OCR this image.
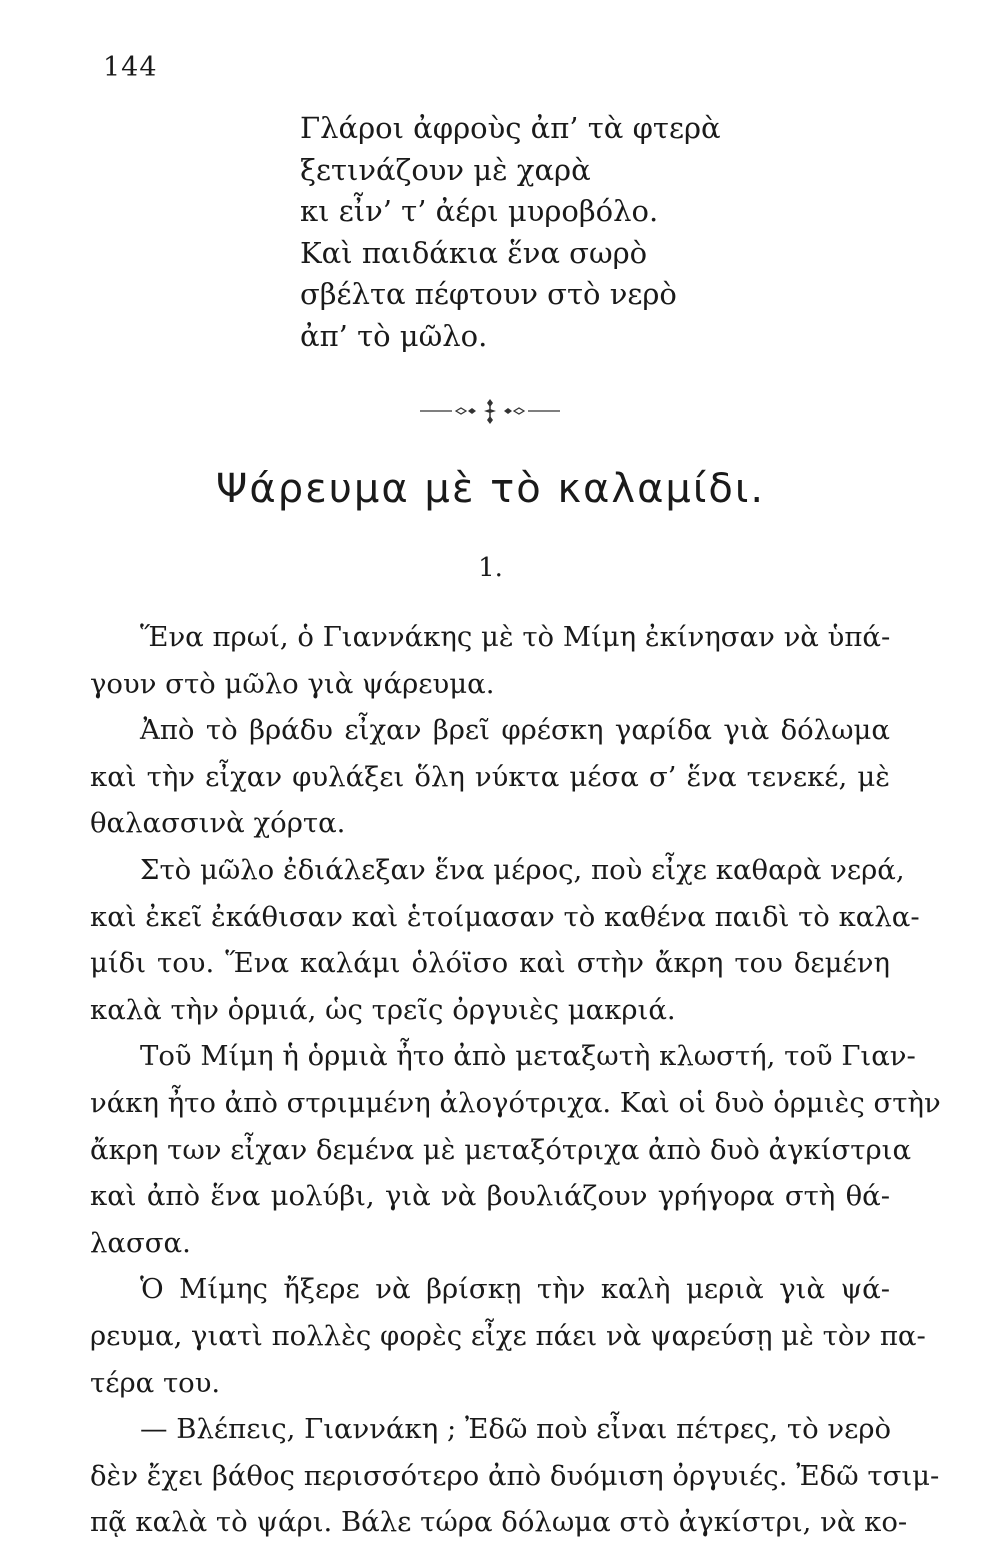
144
Γλάροι ἀφροὺς ἀπ’ τὰ φτερὰ
ξετινάζουν μὲ χαρὰ
κι εἶν’ τ’ ἀέρι μυροβόλο.
Καὶ παιδάκια ἕνα σωρὸ
σβέλτα πέφτουν στὸ νερὸ
ἀπ’ τὸ μῶλο.
Ψάρευμα μὲ τὸ καλαμίδι.
1.
Ἕνα πρωί, ὁ Γιαννάκης μὲ τὸ Μίμη ἐκίνησαν νὰ ὑπά-
γουν στὸ μῶλο γιὰ ψάρευμα.
Ἀπὸ τὸ βράδυ εἶχαν βρεῖ φρέσκη γαρίδα γιὰ δόλωμα
καὶ τὴν εἶχαν φυλάξει ὅλη νύκτα μέσα σ’ ἕνα τενεκέ, μὲ
θαλασσινὰ χόρτα.
Στὸ μῶλο ἐδιάλεξαν ἕνα μέρος, ποὺ εἶχε καθαρὰ νερά,
καὶ ἐκεῖ ἐκάθισαν καὶ ἑτοίμασαν τὸ καθένα παιδὶ τὸ καλα-
μίδι του. Ἕνα καλάμι ὁλόϊσο καὶ στὴν ἄκρη του δεμένη
καλὰ τὴν ὁρμιά, ὡς τρεῖς ὀργυιὲς μακριά.
Τοῦ Μίμη ἡ ὁρμιὰ ἦτο ἀπὸ μεταξωτὴ κλωστή, τοῦ Γιαν-
νάκη ἦτο ἀπὸ στριμμένη ἀλογότριχα. Καὶ οἱ δυὸ ὁρμιὲς στὴν
ἄκρη των εἶχαν δεμένα μὲ μεταξότριχα ἀπὸ δυὸ ἀγκίστρια
καὶ ἀπὸ ἕνα μολύβι, γιὰ νὰ βουλιάζουν γρήγορα στὴ θά-
λασσα.
Ὁ Μίμης ἤξερε νὰ βρίσκῃ τὴν καλὴ μεριὰ γιὰ ψά-
ρευμα, γιατὶ πολλὲς φορὲς εἶχε πάει νὰ ψαρεύσῃ μὲ τὸν πα-
τέρα του.
— Βλέπεις, Γιαννάκη ; Ἐδῶ ποὺ εἶναι πέτρες, τὸ νερὸ
δὲν ἔχει βάθος περισσότερο ἀπὸ δυόμιση ὀργυιές. Ἐδῶ τσιμ-
πᾷ καλὰ τὸ ψάρι. Βάλε τώρα δόλωμα στὸ ἀγκίστρι, νὰ κο-
